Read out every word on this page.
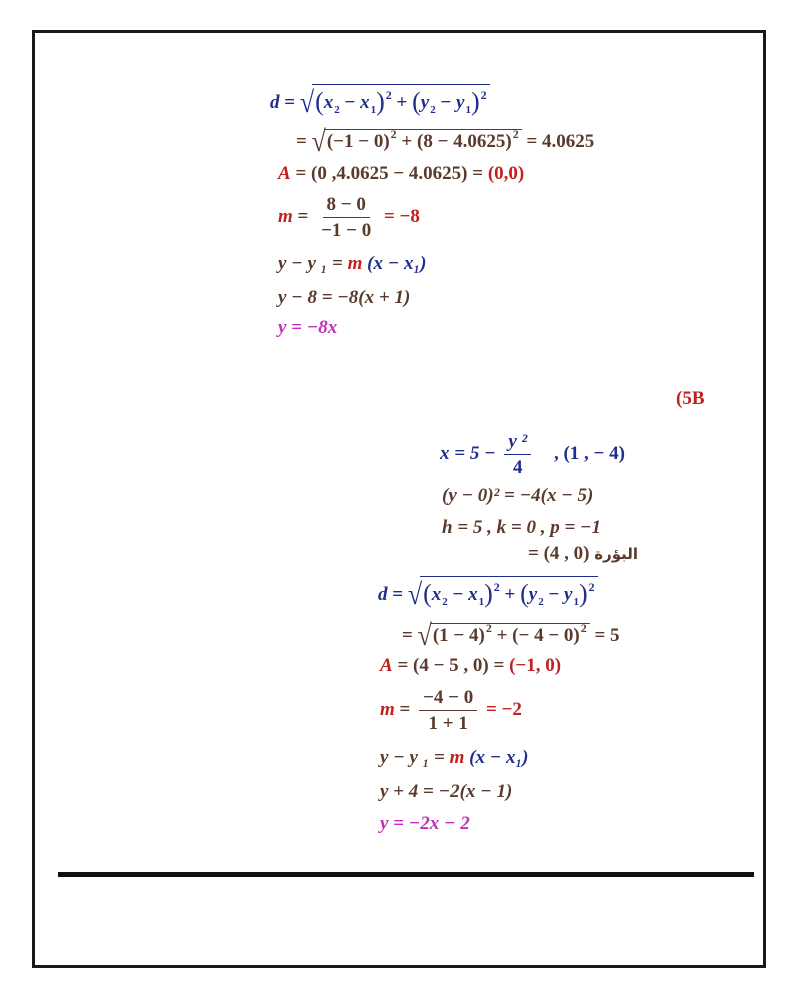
$d = √(x_2 - x_1)^2 + (y_2 - y_1)^2$
= $√(-1 - 0)^2 + (8 - 4.0625)^2 = 4.0625$
A = (0 ,4.0625 − 4.0625) = (0,0)
$m = \frac{8 - 0}{-1 - 0} = -8$
y − y ₁ = m (x − x₁)
y − 8 = −8(x + 1)
y = −8x
(5B
$x = 5 - \frac{\text{y ²}}{4}$ , (1 , − 4)
(y − 0)² = −4(x − 5)
h = 5 , k = 0 , p = −1
= (4 , 0) البؤرة
$d = √(x_2 - x_1)^2 + (y_2 - y_1)^2$
= $√(1 - 4)^2$ + (− 4 − 0)$^2$ = 5
A = (4 − 5 , 0) = (−1, 0)
$m = \frac{-4 - 0}{1 + 1} = -2$
y − y ₁ = m (x − x₁)
y + 4 = −2(x − 1)
y = −2x − 2
